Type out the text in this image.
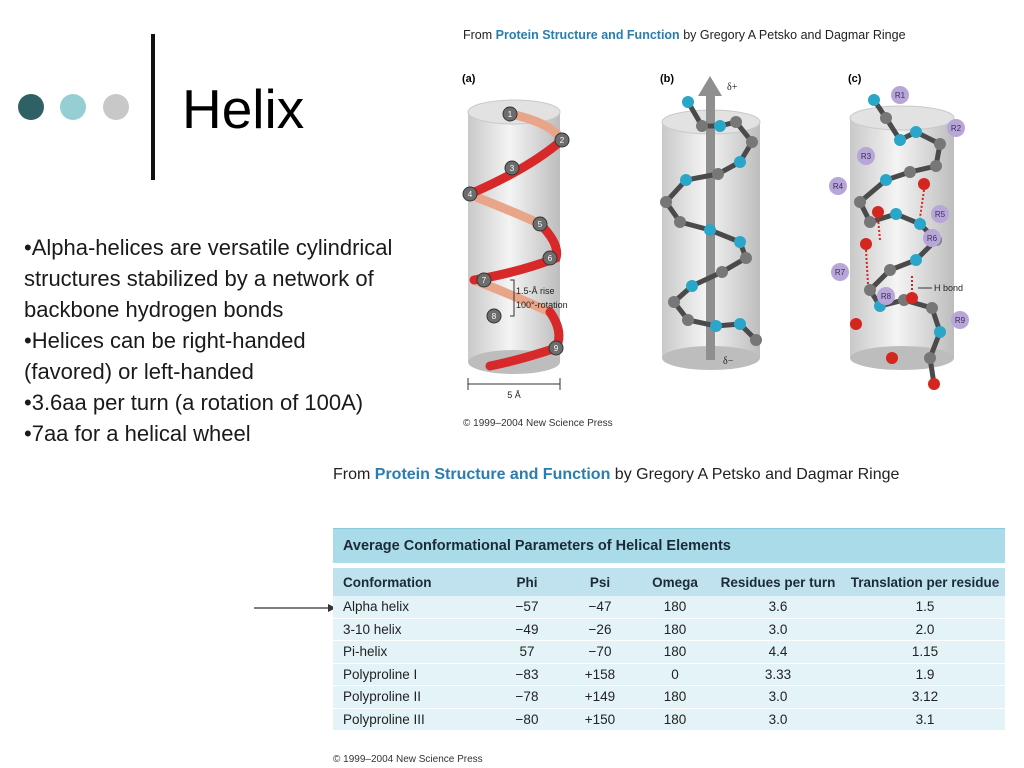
Helix
•Alpha-helices are versatile cylindrical structures stabilized by a network of backbone hydrogen bonds
•Helices can be right-handed (favored) or left-handed
•3.6aa per turn (a rotation of 100A)
•7aa for a helical wheel
From Protein Structure and Function by Gregory A Petsko and Dagmar Ringe
(a)	(b)	(c)
1
2
3
4
5
6
7
8
9
1.5-Å rise
100°-rotation
5 Å
δ+
δ−
H bond
R1
R2
R3
R4
R5
R6
R7
R8
R9
© 1999–2004 New Science Press
From Protein Structure and Function by Gregory A Petsko and Dagmar Ringe
Average Conformational Parameters of Helical Elements
Conformation	Phi	Psi	Omega	Residues per turn	Translation per residue
Alpha helix	−57	−47	180	3.6	1.5
3-10 helix	−49	−26	180	3.0	2.0
Pi-helix	57	−70	180	4.4	1.15
Polyproline I	−83	+158	0	3.33	1.9
Polyproline II	−78	+149	180	3.0	3.12
Polyproline III	−80	+150	180	3.0	3.1
© 1999–2004 New Science Press
